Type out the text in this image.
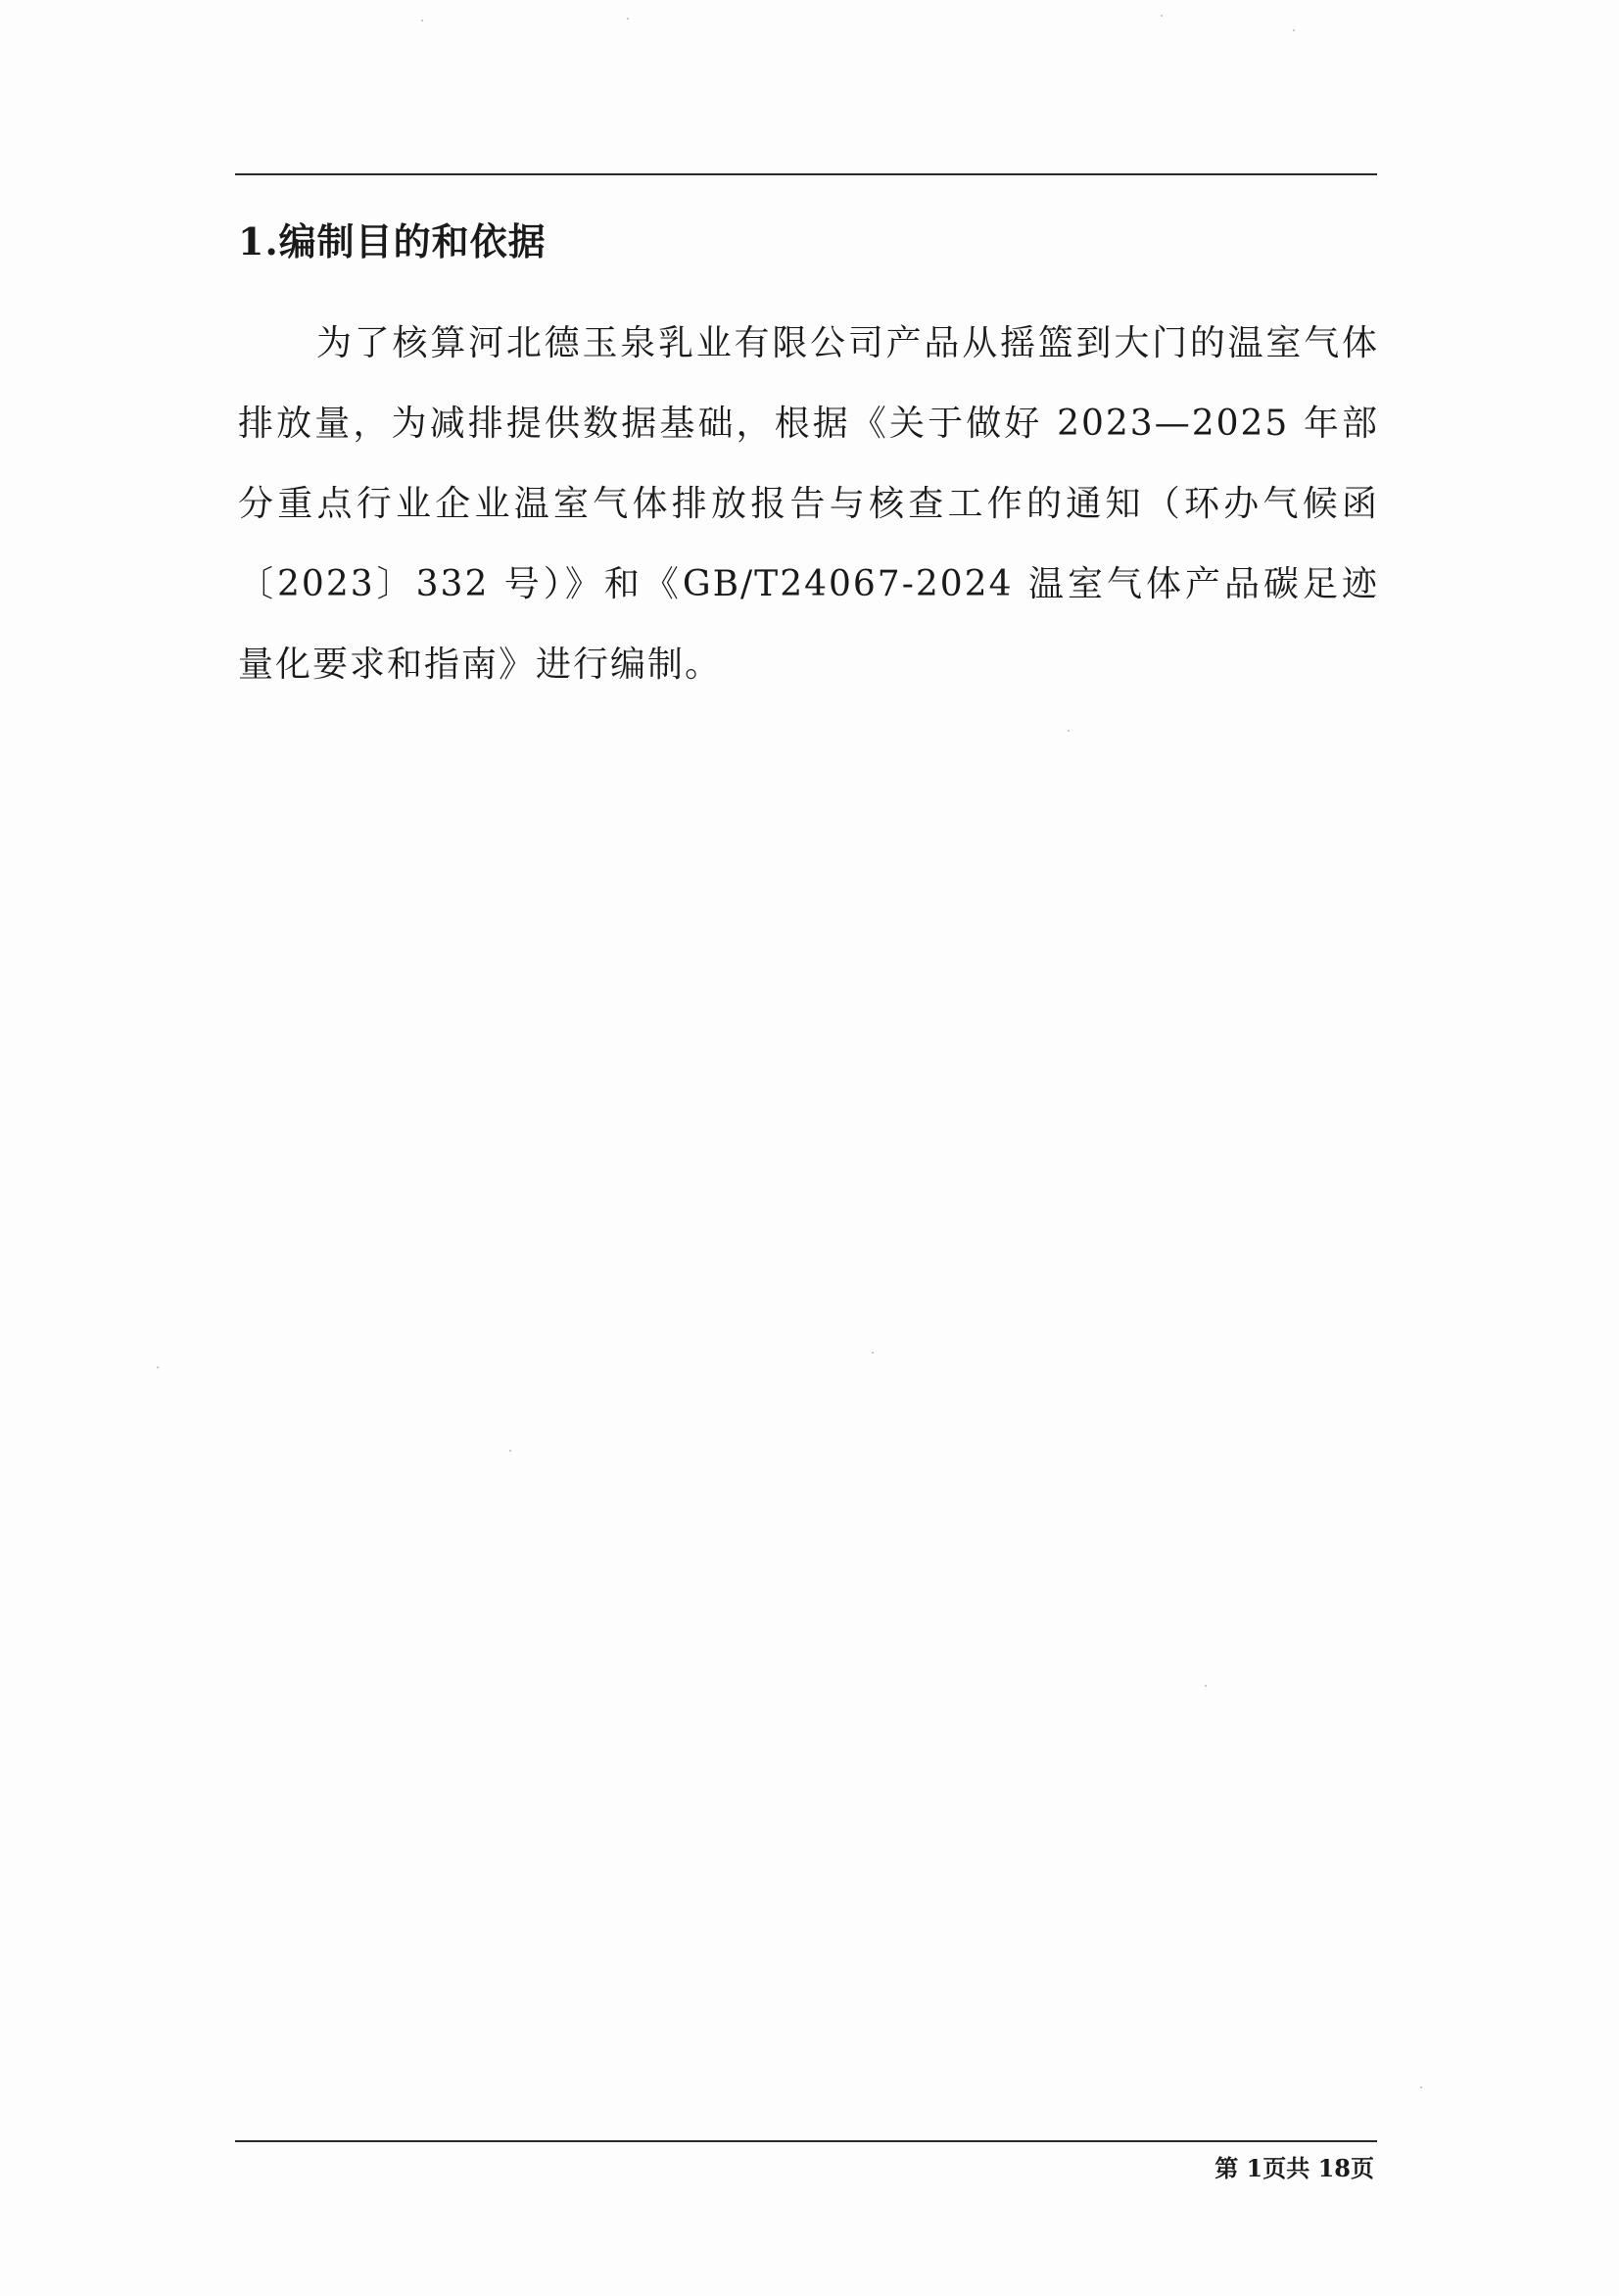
1.编制目的和依据

为了核算河北德玉泉乳业有限公司产品从摇篮到大门的温室气体排放量，为减排提供数据基础，根据《关于做好 2023—2025 年部分重点行业企业温室气体排放报告与核查工作的通知（环办气候函〔2023〕332 号）》和《GB/T24067-2024 温室气体产品碳足迹量化要求和指南》进行编制。

第 1页共 18页
